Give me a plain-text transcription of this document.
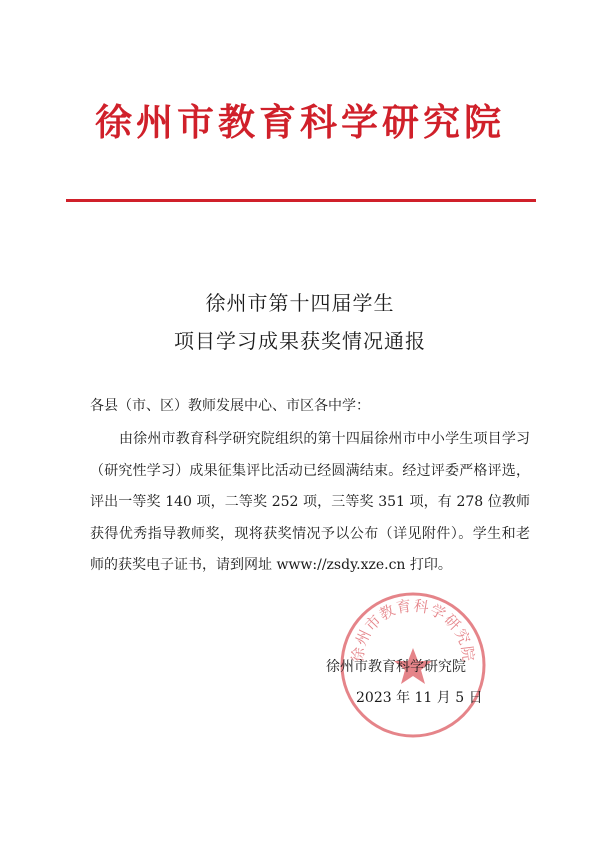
徐州市教育科学研究院
徐州市第十四届学生
项目学习成果获奖情况通报
各县（市、区）教师发展中心、市区各中学：
由徐州市教育科学研究院组织的第十四届徐州市中小学生项目学习（研究性学习）成果征集评比活动已经圆满结束。经过评委严格评选，评出一等奖 140 项，二等奖 252 项，三等奖 351 项，有 278 位教师获得优秀指导教师奖，现将获奖情况予以公布（详见附件）。学生和老师的获奖电子证书，请到网址 www://zsdy.xze.cn 打印。
徐州市教育科学研究院
徐州市教育科学研究院
2023 年 11 月 5 日
